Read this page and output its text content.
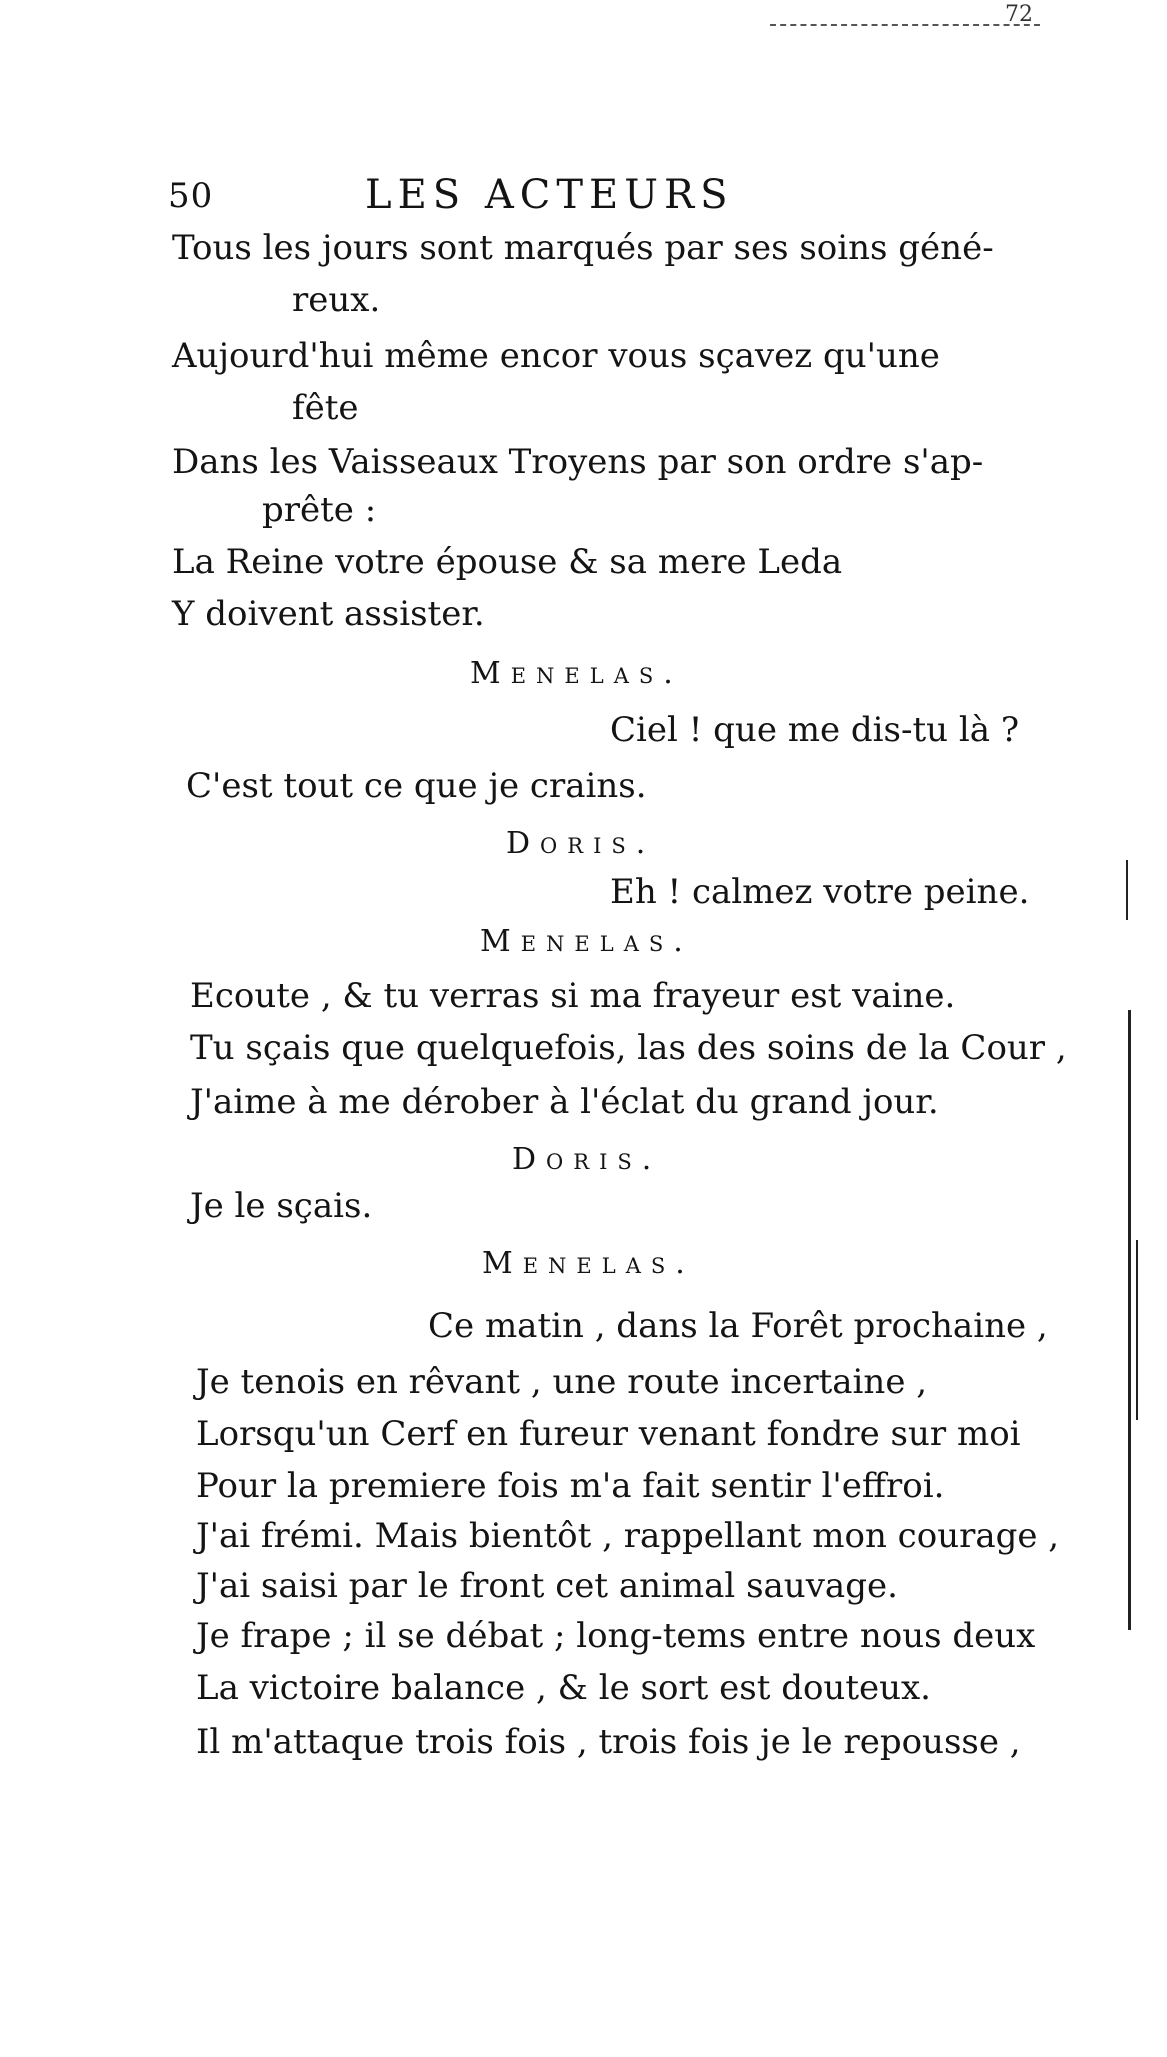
72
50	LES ACTEURS
Tous les jours sont marqués par ses soins géné-
reux.
Aujourd'hui même encor vous sçavez qu'une
fête
Dans les Vaisseaux Troyens par son ordre s'ap-
prête :
La Reine votre épouse & sa mere Leda
Y doivent assister.
Menelas.
Ciel ! que me dis-tu là ?
C'est tout ce que je crains.
Doris.
Eh ! calmez votre peine.
Menelas.
Ecoute , & tu verras si ma frayeur est vaine.
Tu sçais que quelquefois, las des soins de la Cour ,
J'aime à me dérober à l'éclat du grand jour.
Doris.
Je le sçais.
Menelas.
Ce matin , dans la Forêt prochaine ,
Je tenois en rêvant , une route incertaine ,
Lorsqu'un Cerf en fureur venant fondre sur moi
Pour la premiere fois m'a fait sentir l'effroi.
J'ai frémi. Mais bientôt , rappellant mon courage ,
J'ai saisi par le front cet animal sauvage.
Je frape ; il se débat ; long-tems entre nous deux
La victoire balance , & le sort est douteux.
Il m'attaque trois fois , trois fois je le repousse ,
